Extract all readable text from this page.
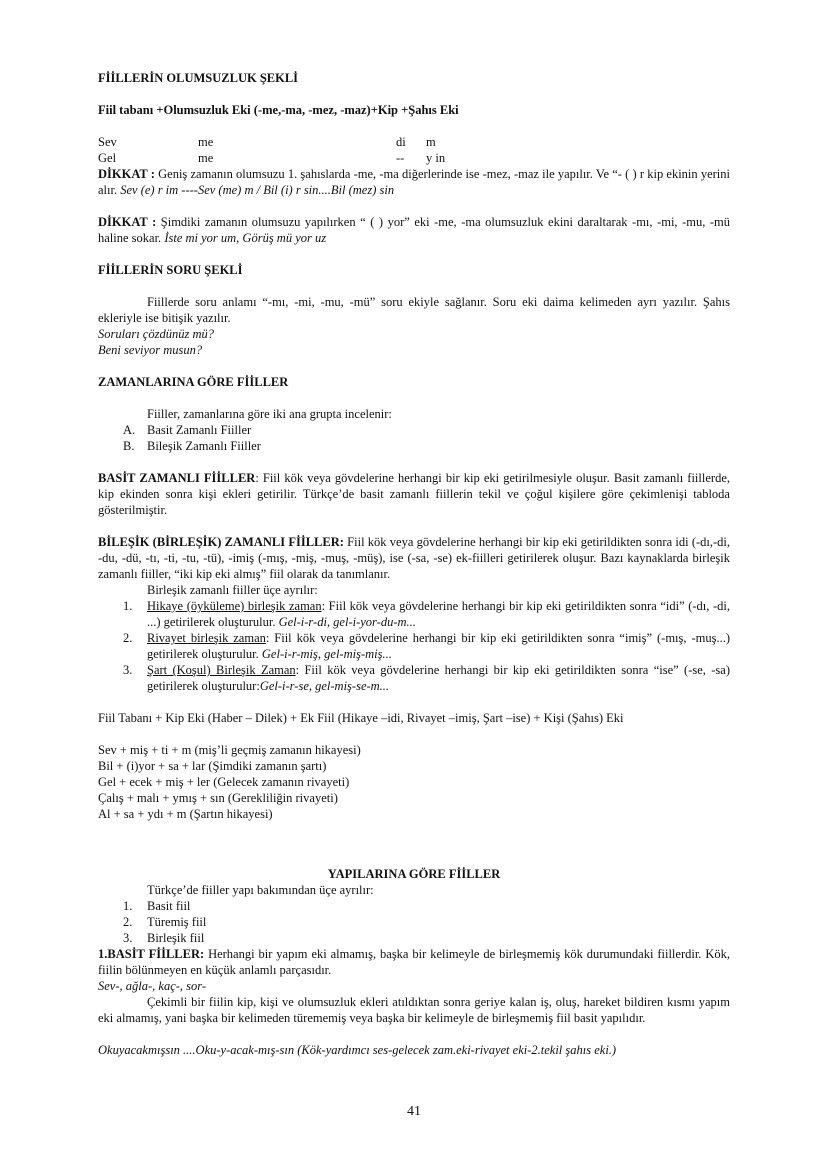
FİİLLERİN OLUMSUZLUK ŞEKLİ

Fiil tabanı +Olumsuzluk Eki (-me,-ma, -mez, -maz)+Kip +Şahıs Eki

Sev	me	di	m
Gel	me	--	y in

DİKKAT : Geniş zamanın olumsuzu 1. şahıslarda -me, -ma diğerlerinde ise -mez, -maz ile yapılır. Ve “- ( ) r kip ekinin yerini alır. Sev (e) r im ----Sev (me) m / Bil (i) r sin....Bil (mez) sin

DİKKAT : Şimdiki zamanın olumsuzu yapılırken “ ( ) yor” eki -me, -ma olumsuzluk ekini daraltarak -mı, -mi, -mu, -mü haline sokar. İste mi yor um, Görüş mü yor uz

FİİLLERİN SORU ŞEKLİ

Fiillerde soru anlamı “-mı, -mi, -mu, -mü” soru ekiyle sağlanır. Soru eki daima kelimeden ayrı yazılır. Şahıs ekleriyle ise bitişik yazılır.

Soruları çözdünüz mü?

Beni seviyor musun?

ZAMANLARINA GÖRE FİİLLER

Fiiller, zamanlarına göre iki ana grupta incelenir:

A. Basit Zamanlı Fiiller
B.	Bileşik Zamanlı Fiiller

BASİT ZAMANLI FİİLLER: Fiil kök veya gövdelerine herhangi bir kip eki getirilmesiyle oluşur. Basit zamanlı fiillerde, kip ekinden sonra kişi ekleri getirilir. Türkçe’de basit zamanlı fiillerin tekil ve çoğul kişilere göre çekimlenişi tabloda gösterilmiştir.

BİLEŞİK (BİRLEŞİK) ZAMANLI FİİLLER: Fiil kök veya gövdelerine herhangi bir kip eki getirildikten sonra idi (-dı,-di, -du, -dü, -tı, -ti, -tu, -tü), -imiş (-mış, -miş, -muş, -müş), ise (-sa, -se) ek-fiilleri getirilerek oluşur. Bazı kaynaklarda birleşik zamanlı fiiller, “iki kip eki almış” fiil olarak da tanımlanır.

Birleşik zamanlı fiiller üçe ayrılır:

1.	Hikaye (öyküleme) birleşik zaman: Fiil kök veya gövdelerine herhangi bir kip eki getirildikten sonra “idi” (-dı, -di, ...) getirilerek oluşturulur. Gel-i-r-di, gel-i-yor-du-m...
2.	Rivayet birleşik zaman: Fiil kök veya gövdelerine herhangi bir kip eki getirildikten sonra “imiş” (-mış, -muş...) getirilerek oluşturulur. Gel-i-r-miş, gel-miş-miş...
3.	Şart (Koşul) Birleşik Zaman: Fiil kök veya gövdelerine herhangi bir kip eki getirildikten sonra “ise” (-se, -sa) getirilerek oluşturulur:Gel-i-r-se, gel-miş-se-m...

Fiil Tabanı + Kip Eki (Haber – Dilek) + Ek Fiil (Hikaye –idi, Rivayet –imiş, Şart –ise) + Kişi (Şahıs) Eki

Sev + miş + ti + m (miş’li geçmiş zamanın hikayesi)

Bil + (i)yor + sa + lar (Şimdiki zamanın şartı)

Gel + ecek + miş + ler (Gelecek zamanın rivayeti)

Çalış + malı + ymış + sın (Gerekliliğin rivayeti)

Al + sa + ydı + m (Şartın hikayesi)

YAPILARINA GÖRE FİİLLER

Türkçe’de fiiller yapı bakımından üçe ayrılır:

1.	Basit fiil
2.	Türemiş fiil
3.	Birleşik fiil

1.BASİT FİİLLER: Herhangi bir yapım eki almamış, başka bir kelimeyle de birleşmemiş kök durumundaki fiillerdir. Kök, fiilin bölünmeyen en küçük anlamlı parçasıdır.

Sev-, ağla-, kaç-, sor-

Çekimli bir fiilin kip, kişi ve olumsuzluk ekleri atıldıktan sonra geriye kalan iş, oluş, hareket bildiren kısmı yapım eki almamış, yani başka bir kelimeden türememiş veya başka bir kelimeyle de birleşmemiş fiil basit yapılıdır.

Okuyacakmışsın ....Oku-y-acak-mış-sın (Kök-yardımcı ses-gelecek zam.eki-rivayet eki-2.tekil şahıs eki.)

41
